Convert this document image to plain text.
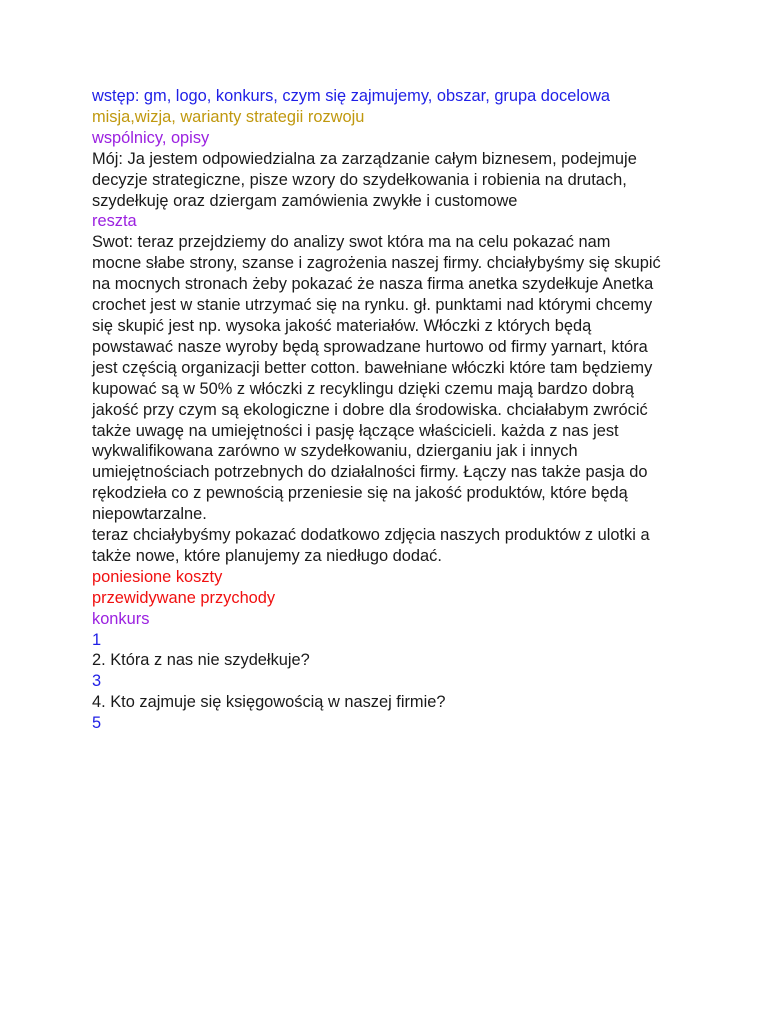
wstęp: gm, logo, konkurs, czym się zajmujemy, obszar, grupa docelowa
misja,wizja, warianty strategii rozwoju
wspólnicy, opisy
Mój: Ja jestem odpowiedzialna za zarządzanie całym biznesem, podejmuje
decyzje strategiczne, pisze wzory do szydełkowania i robienia na drutach,
szydełkuję oraz dziergam zamówienia zwykłe i customowe
reszta
Swot: teraz przejdziemy do analizy swot która ma na celu pokazać nam
mocne słabe strony, szanse i zagrożenia naszej firmy. chciałybyśmy się skupić
na mocnych stronach żeby pokazać że nasza firma anetka szydełkuje Anetka
crochet jest w stanie utrzymać się na rynku. gł. punktami nad którymi chcemy
się skupić jest np. wysoka jakość materiałów. Włóczki z których będą
powstawać nasze wyroby będą sprowadzane hurtowo od firmy yarnart, która
jest częścią organizacji better cotton. bawełniane włóczki które tam będziemy
kupować są w 50% z włóczki z recyklingu dzięki czemu mają bardzo dobrą
jakość przy czym są ekologiczne i dobre dla środowiska. chciałabym zwrócić
także uwagę na umiejętności i pasję łączące właścicieli. każda z nas jest
wykwalifikowana zarówno w szydełkowaniu, dzierganiu jak i innych
umiejętnościach potrzebnych do działalności firmy. Łączy nas także pasja do
rękodzieła co z pewnością przeniesie się na jakość produktów, które będą
niepowtarzalne.
teraz chciałybyśmy pokazać dodatkowo zdjęcia naszych produktów z ulotki a
także nowe, które planujemy za niedługo dodać.
poniesione koszty
przewidywane przychody
konkurs
1
2. Która z nas nie szydełkuje?
3
4. Kto zajmuje się księgowością w naszej firmie?
5
